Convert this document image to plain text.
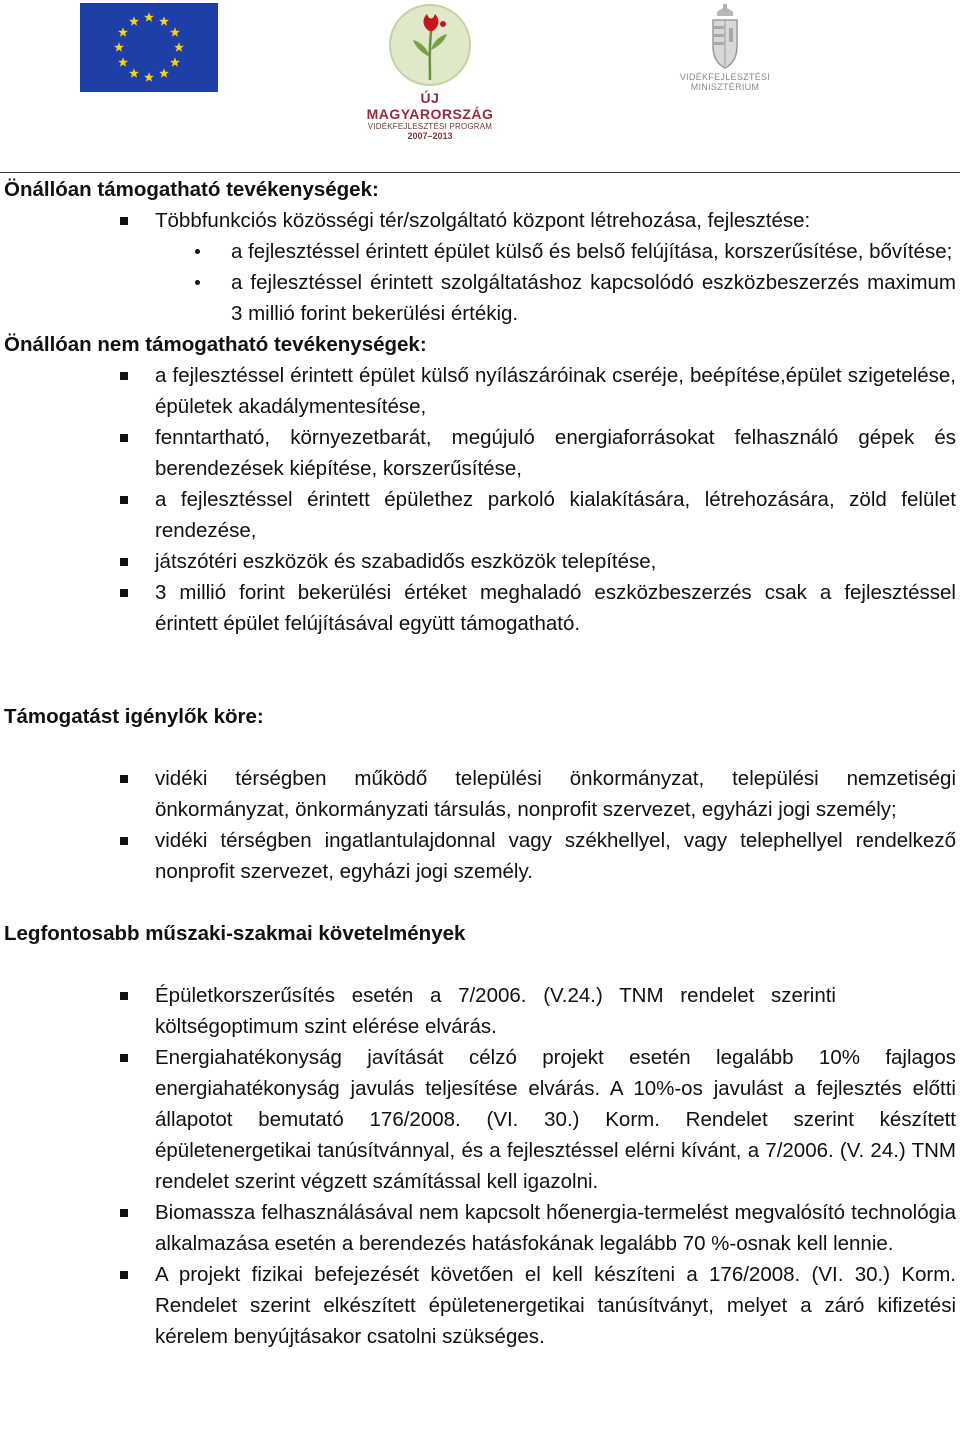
ÚJ MAGYARORSZÁG
VIDÉKFEJLESZTÉSI PROGRAM
2007–2013
VIDÉKFEJLESZTÉSI
MINISZTÉRIUM

Önállóan támogatható tevékenységek:

Többfunkciós közösségi tér/szolgáltató központ létrehozása, fejlesztése:
a fejlesztéssel érintett épület külső és belső felújítása, korszerűsítése, bővítése;
a fejlesztéssel érintett szolgáltatáshoz kapcsolódó eszközbeszerzés maximum 3 millió forint bekerülési értékig.

Önállóan nem támogatható tevékenységek:

a fejlesztéssel érintett épület külső nyílászáróinak cseréje, beépítése,épület szigetelése, épületek akadálymentesítése,
fenntartható, környezetbarát, megújuló energiaforrásokat felhasználó gépek és berendezések kiépítése, korszerűsítése,
a fejlesztéssel érintett épülethez parkoló kialakítására, létrehozására, zöld felület rendezése,
játszótéri eszközök és szabadidős eszközök telepítése,
3 millió forint bekerülési értéket meghaladó eszközbeszerzés csak a fejlesztéssel érintett épület felújításával együtt támogatható.

Támogatást igénylők köre:

vidéki térségben működő települési önkormányzat, települési nemzetiségi önkormányzat, önkormányzati társulás, nonprofit szervezet, egyházi jogi személy;
vidéki térségben ingatlantulajdonnal vagy székhellyel, vagy telephellyel rendelkező nonprofit szervezet, egyházi jogi személy.

Legfontosabb műszaki-szakmai követelmények

Épületkorszerűsítés esetén a 7/2006. (V.24.) TNM rendelet szerinti költségoptimum szint elérése elvárás.
Energiahatékonyság javítását célzó projekt esetén legalább 10% fajlagos energiahatékonyság javulás teljesítése elvárás. A 10%-os javulást a fejlesztés előtti állapotot bemutató 176/2008. (VI. 30.) Korm. Rendelet szerint készített épületenergetikai tanúsítvánnyal, és a fejlesztéssel elérni kívánt, a 7/2006. (V. 24.) TNM rendelet szerint végzett számítással kell igazolni.
Biomassza felhasználásával nem kapcsolt hőenergia-termelést megvalósító technológia alkalmazása esetén a berendezés hatásfokának legalább 70 %-osnak kell lennie.
A projekt fizikai befejezését követően el kell készíteni a 176/2008. (VI. 30.) Korm. Rendelet szerint elkészített épületenergetikai tanúsítványt, melyet a záró kifizetési kérelem benyújtásakor csatolni szükséges.
